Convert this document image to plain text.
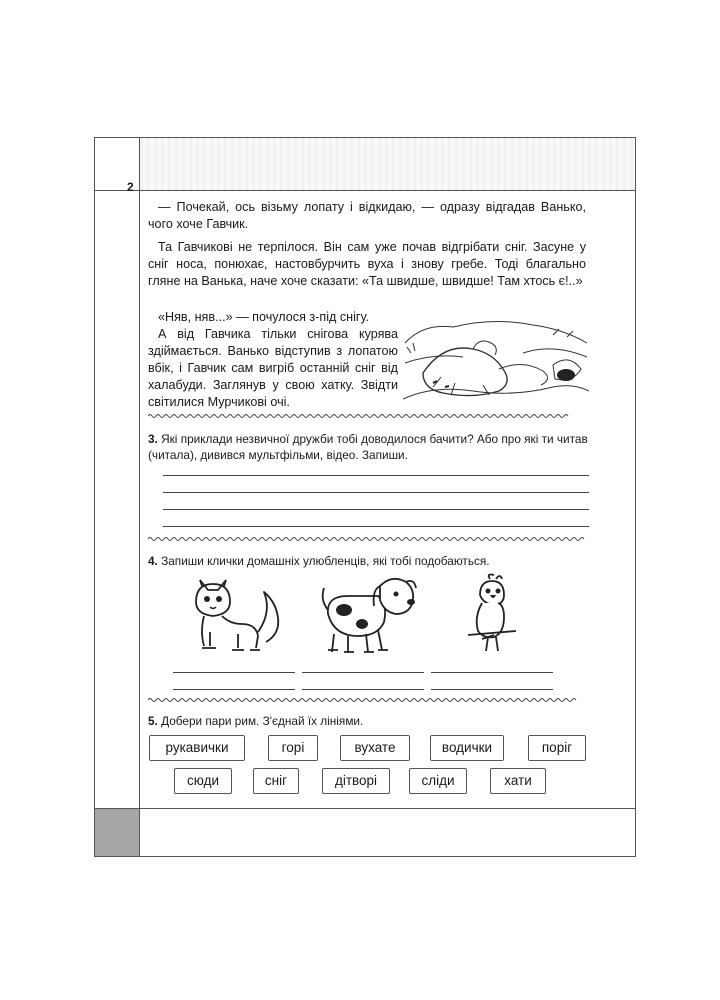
2

— Почекай, ось візьму лопату і відкидаю, — одразу відгадав Ванько, чого хоче Гавчик.

Та Гавчикові не терпілося. Він сам уже почав відгрібати сніг. Засуне у сніг носа, понюхає, настовбурчить вуха і знову гребе. Тоді благально гляне на Ванька, наче хоче сказати: «Та швидше, швидше! Там хтось є!..»

«Няв, няв...» — почулося з-під снігу.

А від Гавчика тільки снігова курява здіймається. Ванько відступив з лопатою вбік, і Гавчик сам вигріб останній сніг від халабуди. Заглянув у свою хатку. Звідти світилися Мурчикові очі.

3. Які приклади незвичної дружби тобі доводилося бачити? Або про які ти читав (читала), дивився мультфільми, відео. Запиши.
4. Запиши клички домашніх улюбленців, які тобі подобаються.
5. Добери пари рим. З'єднай їх лініями.
рукавички	горі	вухате	водички	поріг
сюди	сніг	дітворі	сліди	хати
